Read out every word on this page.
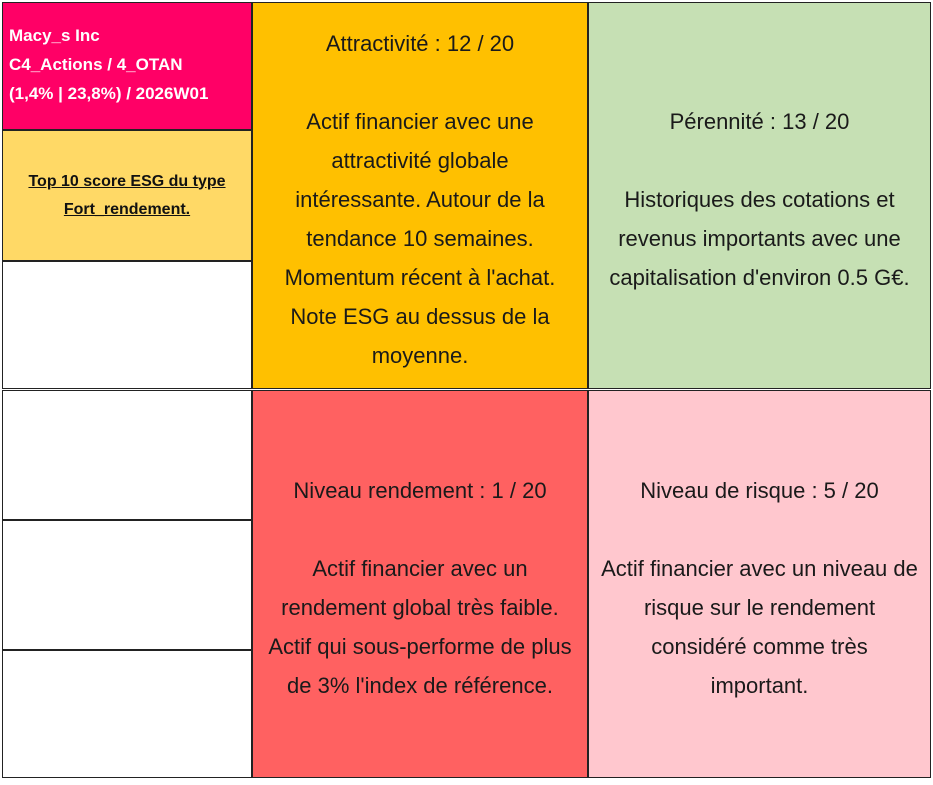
Macy_s Inc
C4_Actions / 4_OTAN
(1,4% | 23,8%) / 2026W01
Top 10 score ESG du type
Fort_rendement.
Attractivité : 12 / 20
Actif financier avec une
attractivité globale
intéressante. Autour de la
tendance 10 semaines.
Momentum récent à l'achat.
Note ESG au dessus de la
moyenne.
Pérennité : 13 / 20
Historiques des cotations et
revenus importants avec une
capitalisation d'environ 0.5 G€.
Niveau rendement : 1 / 20
Actif financier avec un
rendement global très faible.
Actif qui sous-performe de plus
de 3% l'index de référence.
Niveau de risque : 5 / 20
Actif financier avec un niveau de
risque sur le rendement
considéré comme très
important.
